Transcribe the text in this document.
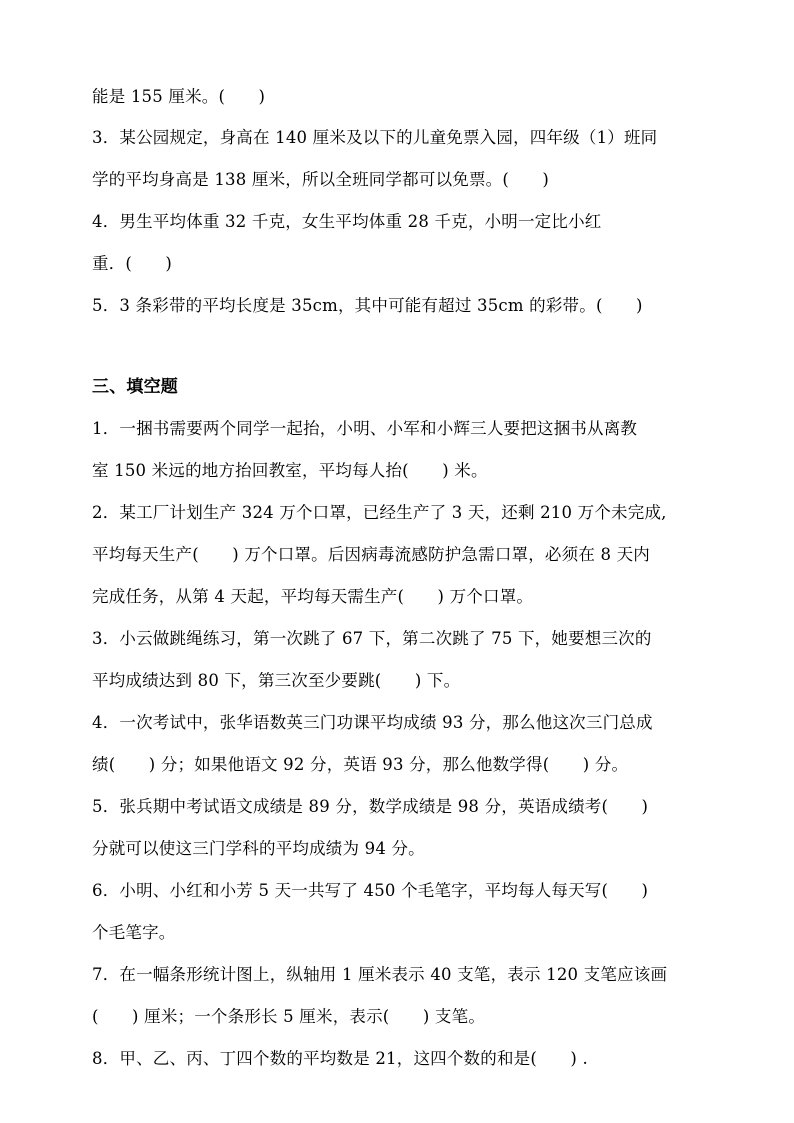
能是 155 厘米。(　　)
3．某公园规定，身高在 140 厘米及以下的儿童免票入园，四年级（1）班同
学的平均身高是 138 厘米，所以全班同学都可以免票。(　　)
4．男生平均体重 32 千克，女生平均体重 28 千克，小明一定比小红
重．(　　)
5．3 条彩带的平均长度是 35cm，其中可能有超过 35cm 的彩带。(　　)
三、填空题
1．一捆书需要两个同学一起抬，小明、小军和小辉三人要把这捆书从离教
室 150 米远的地方抬回教室，平均每人抬(　　) 米。
2．某工厂计划生产 324 万个口罩，已经生产了 3 天，还剩 210 万个未完成,
平均每天生产(　　) 万个口罩。后因病毒流感防护急需口罩，必须在 8 天内
完成任务，从第 4 天起，平均每天需生产(　　) 万个口罩。
3．小云做跳绳练习，第一次跳了 67 下，第二次跳了 75 下，她要想三次的
平均成绩达到 80 下，第三次至少要跳(　　) 下。
4．一次考试中，张华语数英三门功课平均成绩 93 分，那么他这次三门总成
绩(　　) 分；如果他语文 92 分，英语 93 分，那么他数学得(　　) 分。
5．张兵期中考试语文成绩是 89 分，数学成绩是 98 分，英语成绩考(　　)
分就可以使这三门学科的平均成绩为 94 分。
6．小明、小红和小芳 5 天一共写了 450 个毛笔字，平均每人每天写(　　)
个毛笔字。
7．在一幅条形统计图上，纵轴用 1 厘米表示 40 支笔，表示 120 支笔应该画
(　　) 厘米；一个条形长 5 厘米，表示(　　) 支笔。
8．甲、乙、丙、丁四个数的平均数是 21，这四个数的和是(　　) .
